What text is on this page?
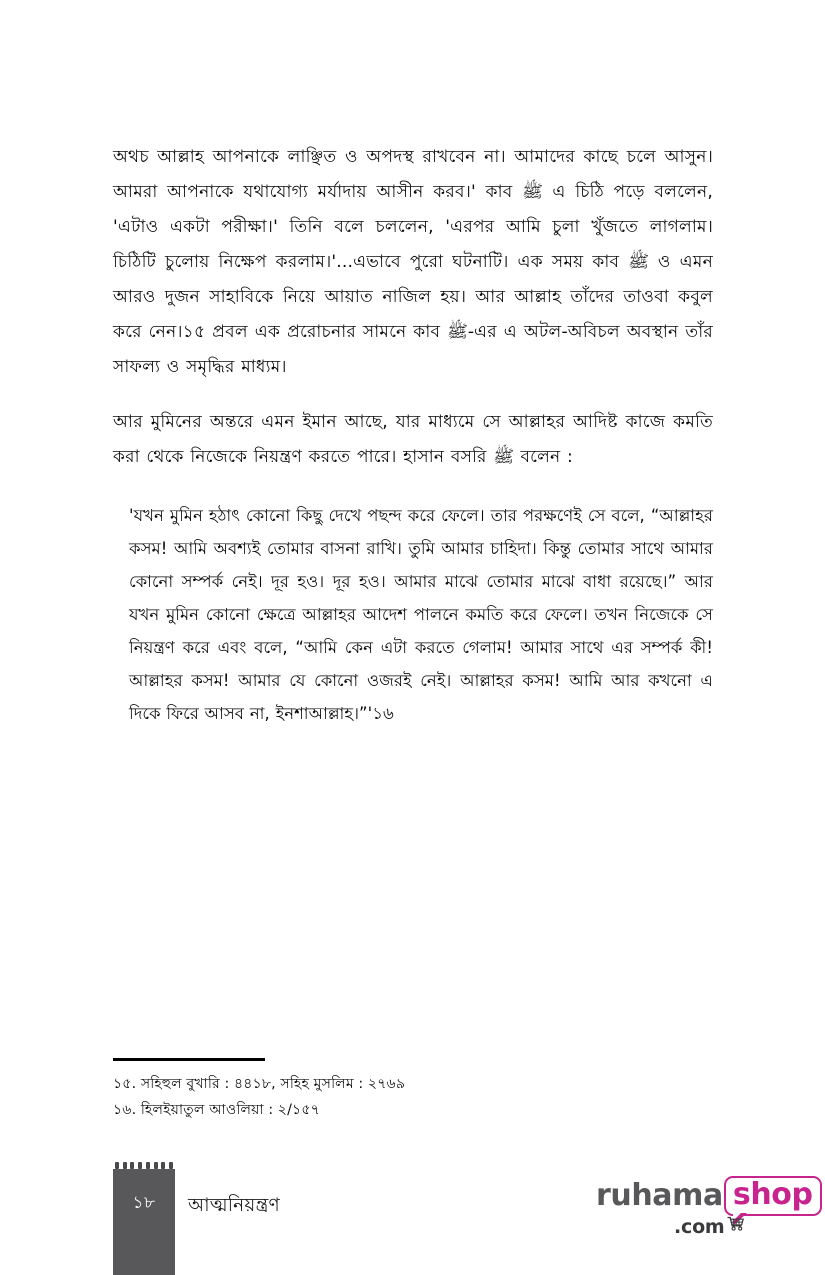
অথচ আল্লাহ আপনাকে লাঞ্ছিত ও অপদস্থ রাখবেন না। আমাদের কাছে চলে আসুন। আমরা আপনাকে যথাযোগ্য মর্যাদায় আসীন করব।' কাব ﷺ এ চিঠি পড়ে বললেন, 'এটাও একটা পরীক্ষা।' তিনি বলে চললেন, 'এরপর আমি চুলা খুঁজতে লাগলাম। চিঠিটি চুলোয় নিক্ষেপ করলাম।'...এভাবে পুরো ঘটনাটি। এক সময় কাব ﷺ ও এমন আরও দুজন সাহাবিকে নিয়ে আয়াত নাজিল হয়। আর আল্লাহ তাঁদের তাওবা কবুল করে নেন।১৫ প্রবল এক প্ররোচনার সামনে কাব ﷺ-এর এ অটল-অবিচল অবস্থান তাঁর সাফল্য ও সমৃদ্ধির মাধ্যম।

আর মুমিনের অন্তরে এমন ইমান আছে, যার মাধ্যমে সে আল্লাহর আদিষ্ট কাজে কমতি করা থেকে নিজেকে নিয়ন্ত্রণ করতে পারে। হাসান বসরি ﷺ বলেন :

'যখন মুমিন হঠাৎ কোনো কিছু দেখে পছন্দ করে ফেলে। তার পরক্ষণেই সে বলে, “আল্লাহর কসম! আমি অবশ্যই তোমার বাসনা রাখি। তুমি আমার চাহিদা। কিন্তু তোমার সাথে আমার কোনো সম্পর্ক নেই। দূর হও। দূর হও। আমার মাঝে তোমার মাঝে বাধা রয়েছে।” আর যখন মুমিন কোনো ক্ষেত্রে আল্লাহর আদেশ পালনে কমতি করে ফেলে। তখন নিজেকে সে নিয়ন্ত্রণ করে এবং বলে, “আমি কেন এটা করতে গেলাম! আমার সাথে এর সম্পর্ক কী! আল্লাহর কসম! আমার যে কোনো ওজরই নেই। আল্লাহর কসম! আমি আর কখনো এ দিকে ফিরে আসব না, ইনশাআল্লাহ।”'১৬

১৫. সহিহুল বুখারি : ৪৪১৮, সহিহ মুসলিম : ২৭৬৯
১৬. হিলইয়াতুল আওলিয়া : ২/১৫৭
১৮	আত্মনিয়ন্ত্রণ	ruhama shop
.com
